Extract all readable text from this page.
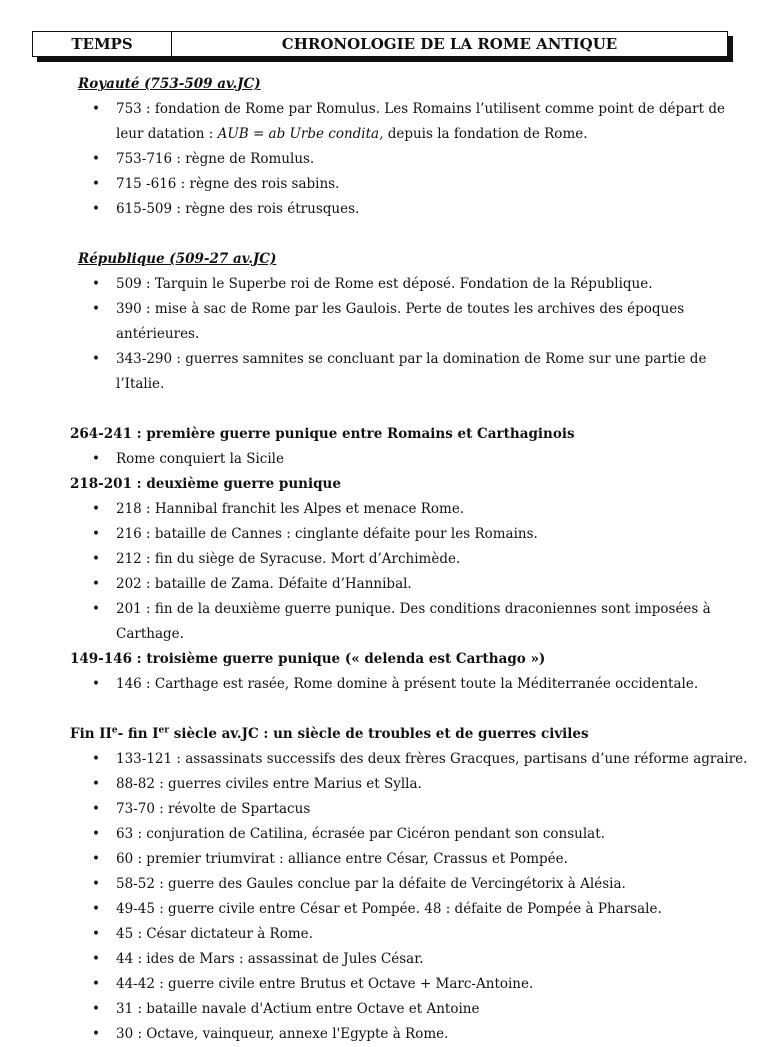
TEMPS	CHRONOLOGIE DE LA ROME ANTIQUE
Royauté (753-509 av.JC)
• 753 : fondation de Rome par Romulus. Les Romains l’utilisent comme point de départ de leur datation : AUB = ab Urbe condita, depuis la fondation de Rome.
• 753-716 : règne de Romulus.
• 715 -616 : règne des rois sabins.
• 615-509 : règne des rois étrusques.
République (509-27 av.JC)
• 509 : Tarquin le Superbe roi de Rome est déposé. Fondation de la République.
• 390 : mise à sac de Rome par les Gaulois. Perte de toutes les archives des époques antérieures.
• 343-290 : guerres samnites se concluant par la domination de Rome sur une partie de l’Italie.
264-241 : première guerre punique entre Romains et Carthaginois
• Rome conquiert la Sicile
218-201 : deuxième guerre punique
• 218 : Hannibal franchit les Alpes et menace Rome.
• 216 : bataille de Cannes : cinglante défaite pour les Romains.
• 212 : fin du siège de Syracuse. Mort d’Archimède.
• 202 : bataille de Zama. Défaite d’Hannibal.
• 201 : fin de la deuxième guerre punique. Des conditions draconiennes sont imposées à Carthage.
149-146 : troisième guerre punique (« delenda est Carthago »)
• 146 : Carthage est rasée, Rome domine à présent toute la Méditerranée occidentale.
Fin IIe- fin Ier siècle av.JC : un siècle de troubles et de guerres civiles
• 133-121 : assassinats successifs des deux frères Gracques, partisans d’une réforme agraire.
• 88-82 : guerres civiles entre Marius et Sylla.
• 73-70 : révolte de Spartacus
• 63 : conjuration de Catilina, écrasée par Cicéron pendant son consulat.
• 60 : premier triumvirat : alliance entre César, Crassus et Pompée.
• 58-52 : guerre des Gaules conclue par la défaite de Vercingétorix à Alésia.
• 49-45 : guerre civile entre César et Pompée. 48 : défaite de Pompée à Pharsale.
• 45 : César dictateur à Rome.
• 44 : ides de Mars : assassinat de Jules César.
• 44-42 : guerre civile entre Brutus et Octave + Marc-Antoine.
• 31 : bataille navale d'Actium entre Octave et Antoine
• 30 : Octave, vainqueur, annexe l'Egypte à Rome.
